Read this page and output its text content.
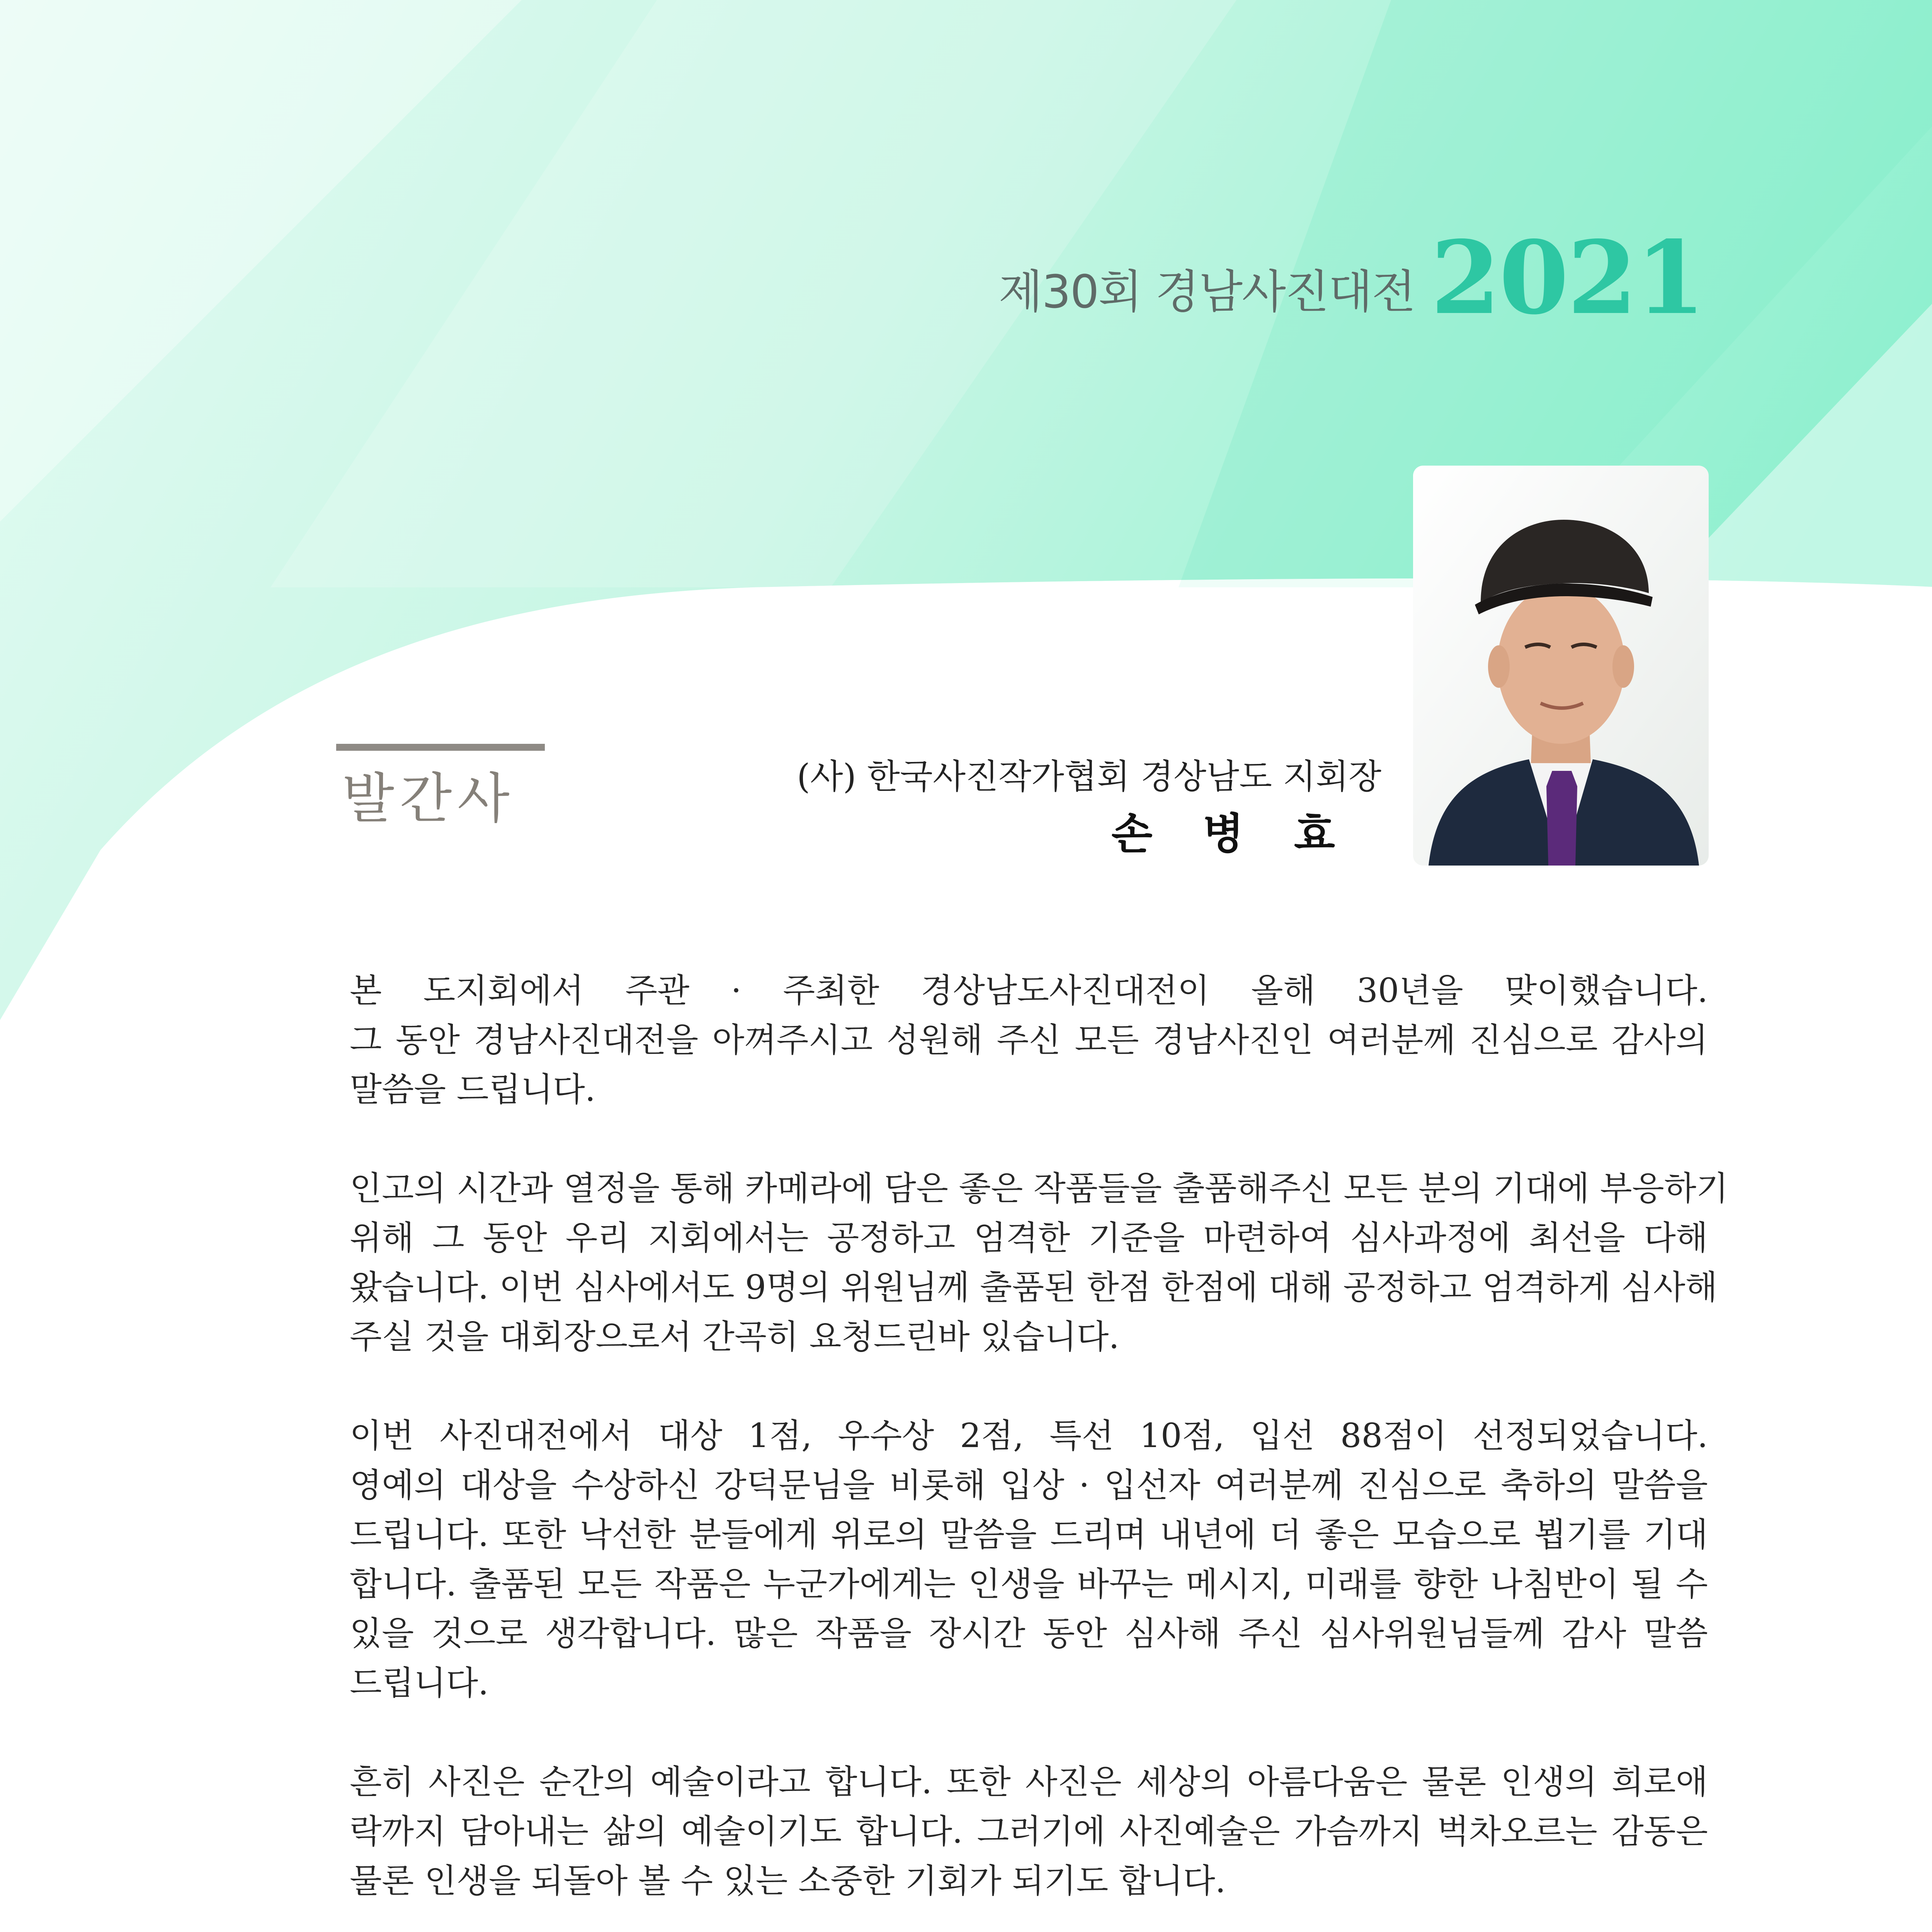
제30회 경남사진대전 2021
발간사	(사) 한국사진작가협회 경상남도 지회장
손병효
본 도지회에서 주관 · 주최한 경상남도사진대전이 올해 30년을 맞이했습니다.
그 동안 경남사진대전을 아껴주시고 성원해 주신 모든 경남사진인 여러분께 진심으로 감사의
말씀을 드립니다.
인고의 시간과 열정을 통해 카메라에 담은 좋은 작품들을 출품해주신 모든 분의 기대에 부응하기
위해 그 동안 우리 지회에서는 공정하고 엄격한 기준을 마련하여 심사과정에 최선을 다해
왔습니다. 이번 심사에서도 9명의 위원님께 출품된 한점 한점에 대해 공정하고 엄격하게 심사해
주실 것을 대회장으로서 간곡히 요청드린바 있습니다.
이번 사진대전에서 대상 1점, 우수상 2점, 특선 10점, 입선 88점이 선정되었습니다.
영예의 대상을 수상하신 강덕문님을 비롯해 입상 · 입선자 여러분께 진심으로 축하의 말씀을
드립니다. 또한 낙선한 분들에게 위로의 말씀을 드리며 내년에 더 좋은 모습으로 뵙기를 기대
합니다. 출품된 모든 작품은 누군가에게는 인생을 바꾸는 메시지, 미래를 향한 나침반이 될 수
있을 것으로 생각합니다. 많은 작품을 장시간 동안 심사해 주신 심사위원님들께 감사 말씀
드립니다.
흔히 사진은 순간의 예술이라고 합니다. 또한 사진은 세상의 아름다움은 물론 인생의 희로애
락까지 담아내는 삶의 예술이기도 합니다. 그러기에 사진예술은 가슴까지 벅차오르는 감동은
물론 인생을 되돌아 볼 수 있는 소중한 기회가 되기도 합니다.
